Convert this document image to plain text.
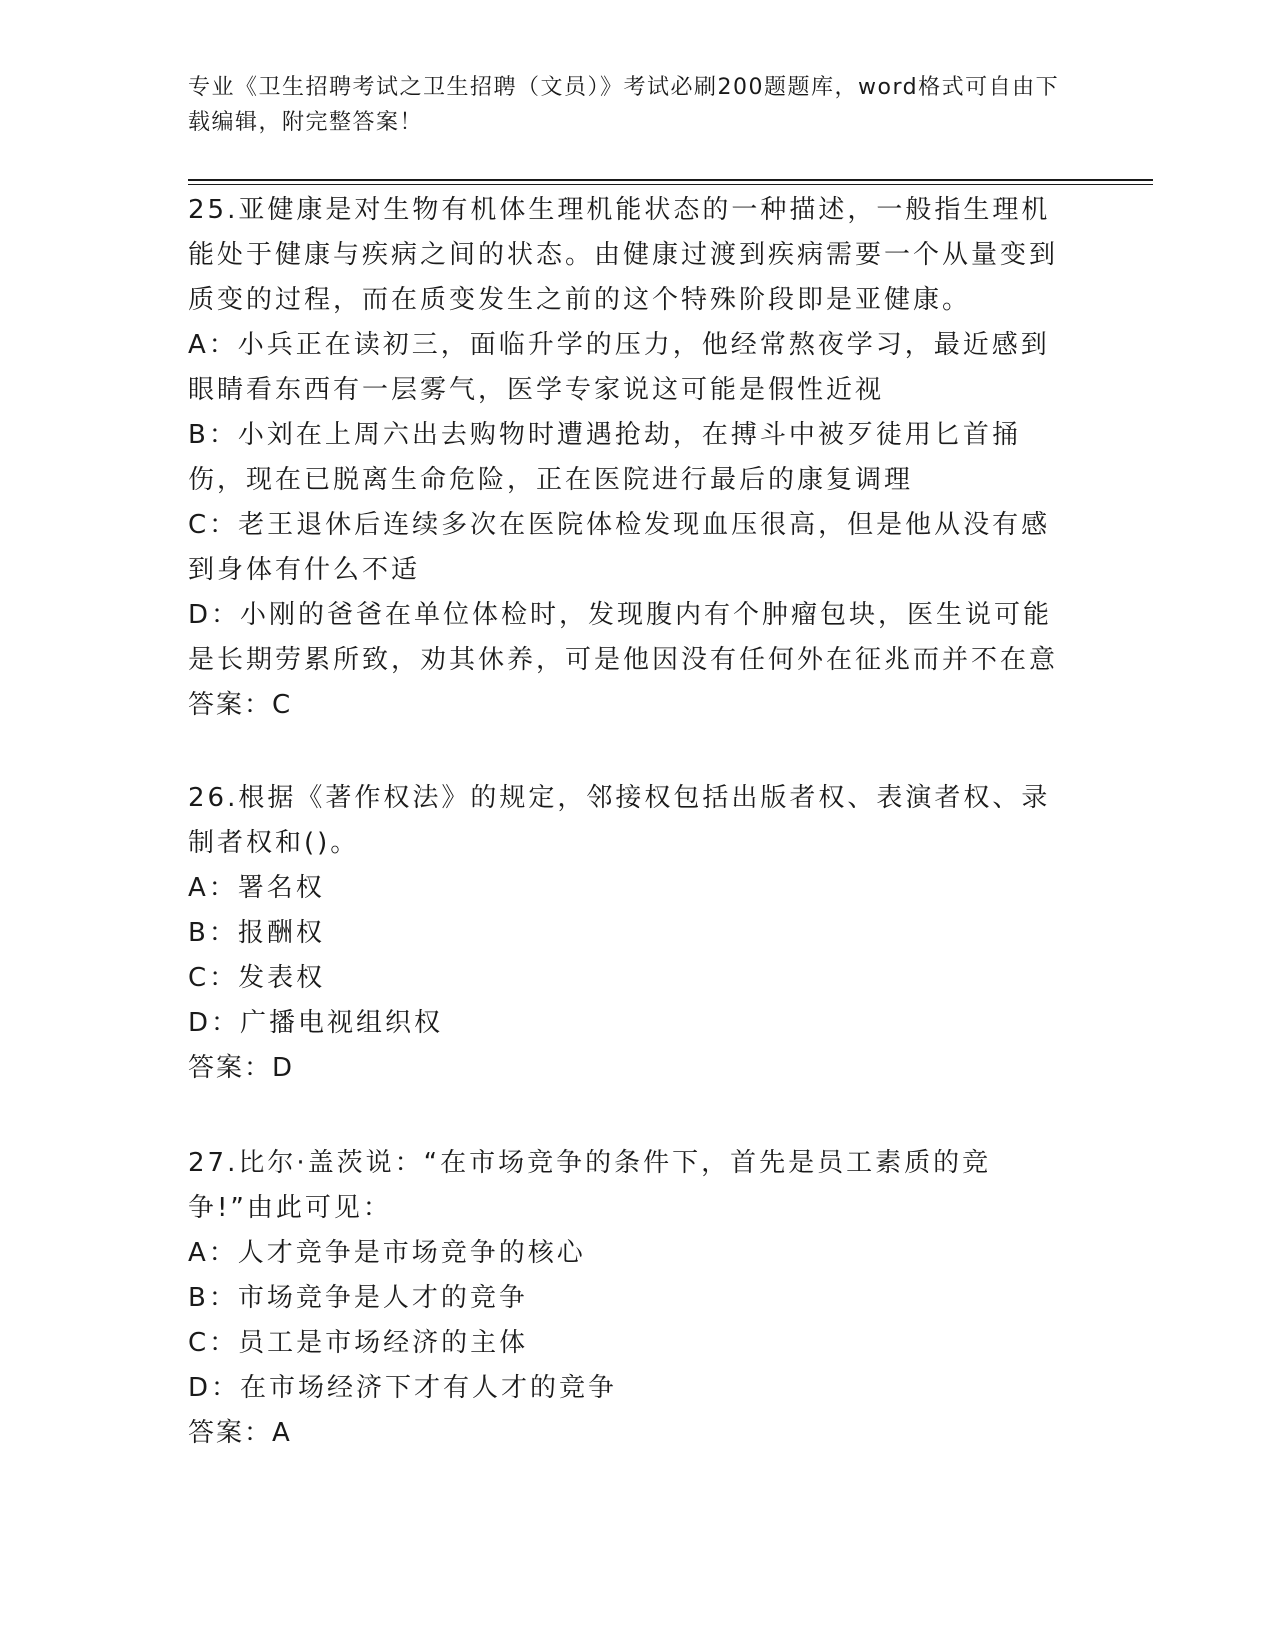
专业《卫生招聘考试之卫生招聘（文员）》考试必刷200题题库，word格式可自由下载编辑，附完整答案！

25.亚健康是对生物有机体生理机能状态的一种描述，一般指生理机能处于健康与疾病之间的状态。由健康过渡到疾病需要一个从量变到质变的过程，而在质变发生之前的这个特殊阶段即是亚健康。

A：小兵正在读初三，面临升学的压力，他经常熬夜学习，最近感到眼睛看东西有一层雾气，医学专家说这可能是假性近视

B：小刘在上周六出去购物时遭遇抢劫，在搏斗中被歹徒用匕首捅伤，现在已脱离生命危险，正在医院进行最后的康复调理

C：老王退休后连续多次在医院体检发现血压很高，但是他从没有感到身体有什么不适

D：小刚的爸爸在单位体检时，发现腹内有个肿瘤包块，医生说可能是长期劳累所致，劝其休养，可是他因没有任何外在征兆而并不在意

答案：C

26.根据《著作权法》的规定，邻接权包括出版者权、表演者权、录制者权和()。

A：署名权

B：报酬权

C：发表权

D：广播电视组织权

答案：D

27.比尔·盖茨说：“在市场竞争的条件下，首先是员工素质的竞争!”由此可见：

A：人才竞争是市场竞争的核心

B：市场竞争是人才的竞争

C：员工是市场经济的主体

D：在市场经济下才有人才的竞争

答案：A
